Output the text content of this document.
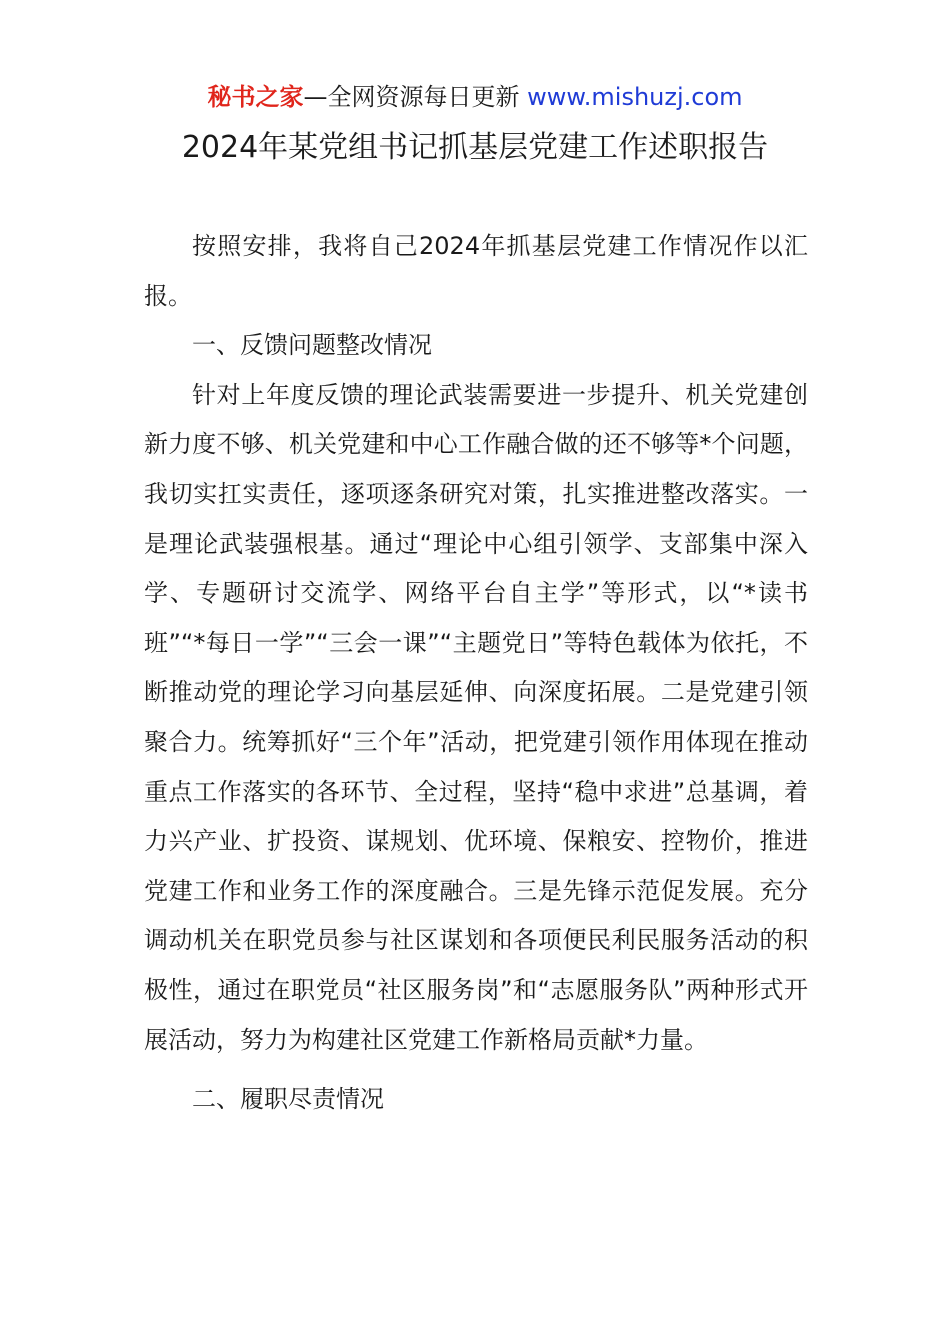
秘书之家—全网资源每日更新 www.mishuzj.com
2024年某党组书记抓基层党建工作述职报告

按照安排，我将自己2024年抓基层党建工作情况作以汇报。

一、反馈问题整改情况

针对上年度反馈的理论武装需要进一步提升、机关党建创新力度不够、机关党建和中心工作融合做的还不够等*个问题，我切实扛实责任，逐项逐条研究对策，扎实推进整改落实。一是理论武装强根基。通过“理论中心组引领学、支部集中深入学、专题研讨交流学、网络平台自主学”等形式，以“*读书班”“*每日一学”“三会一课”“主题党日”等特色载体为依托，不断推动党的理论学习向基层延伸、向深度拓展。二是党建引领聚合力。统筹抓好“三个年”活动，把党建引领作用体现在推动重点工作落实的各环节、全过程，坚持“稳中求进”总基调，着力兴产业、扩投资、谋规划、优环境、保粮安、控物价，推进党建工作和业务工作的深度融合。三是先锋示范促发展。充分调动机关在职党员参与社区谋划和各项便民利民服务活动的积极性，通过在职党员“社区服务岗”和“志愿服务队”两种形式开展活动，努力为构建社区党建工作新格局贡献*力量。

二、履职尽责情况
